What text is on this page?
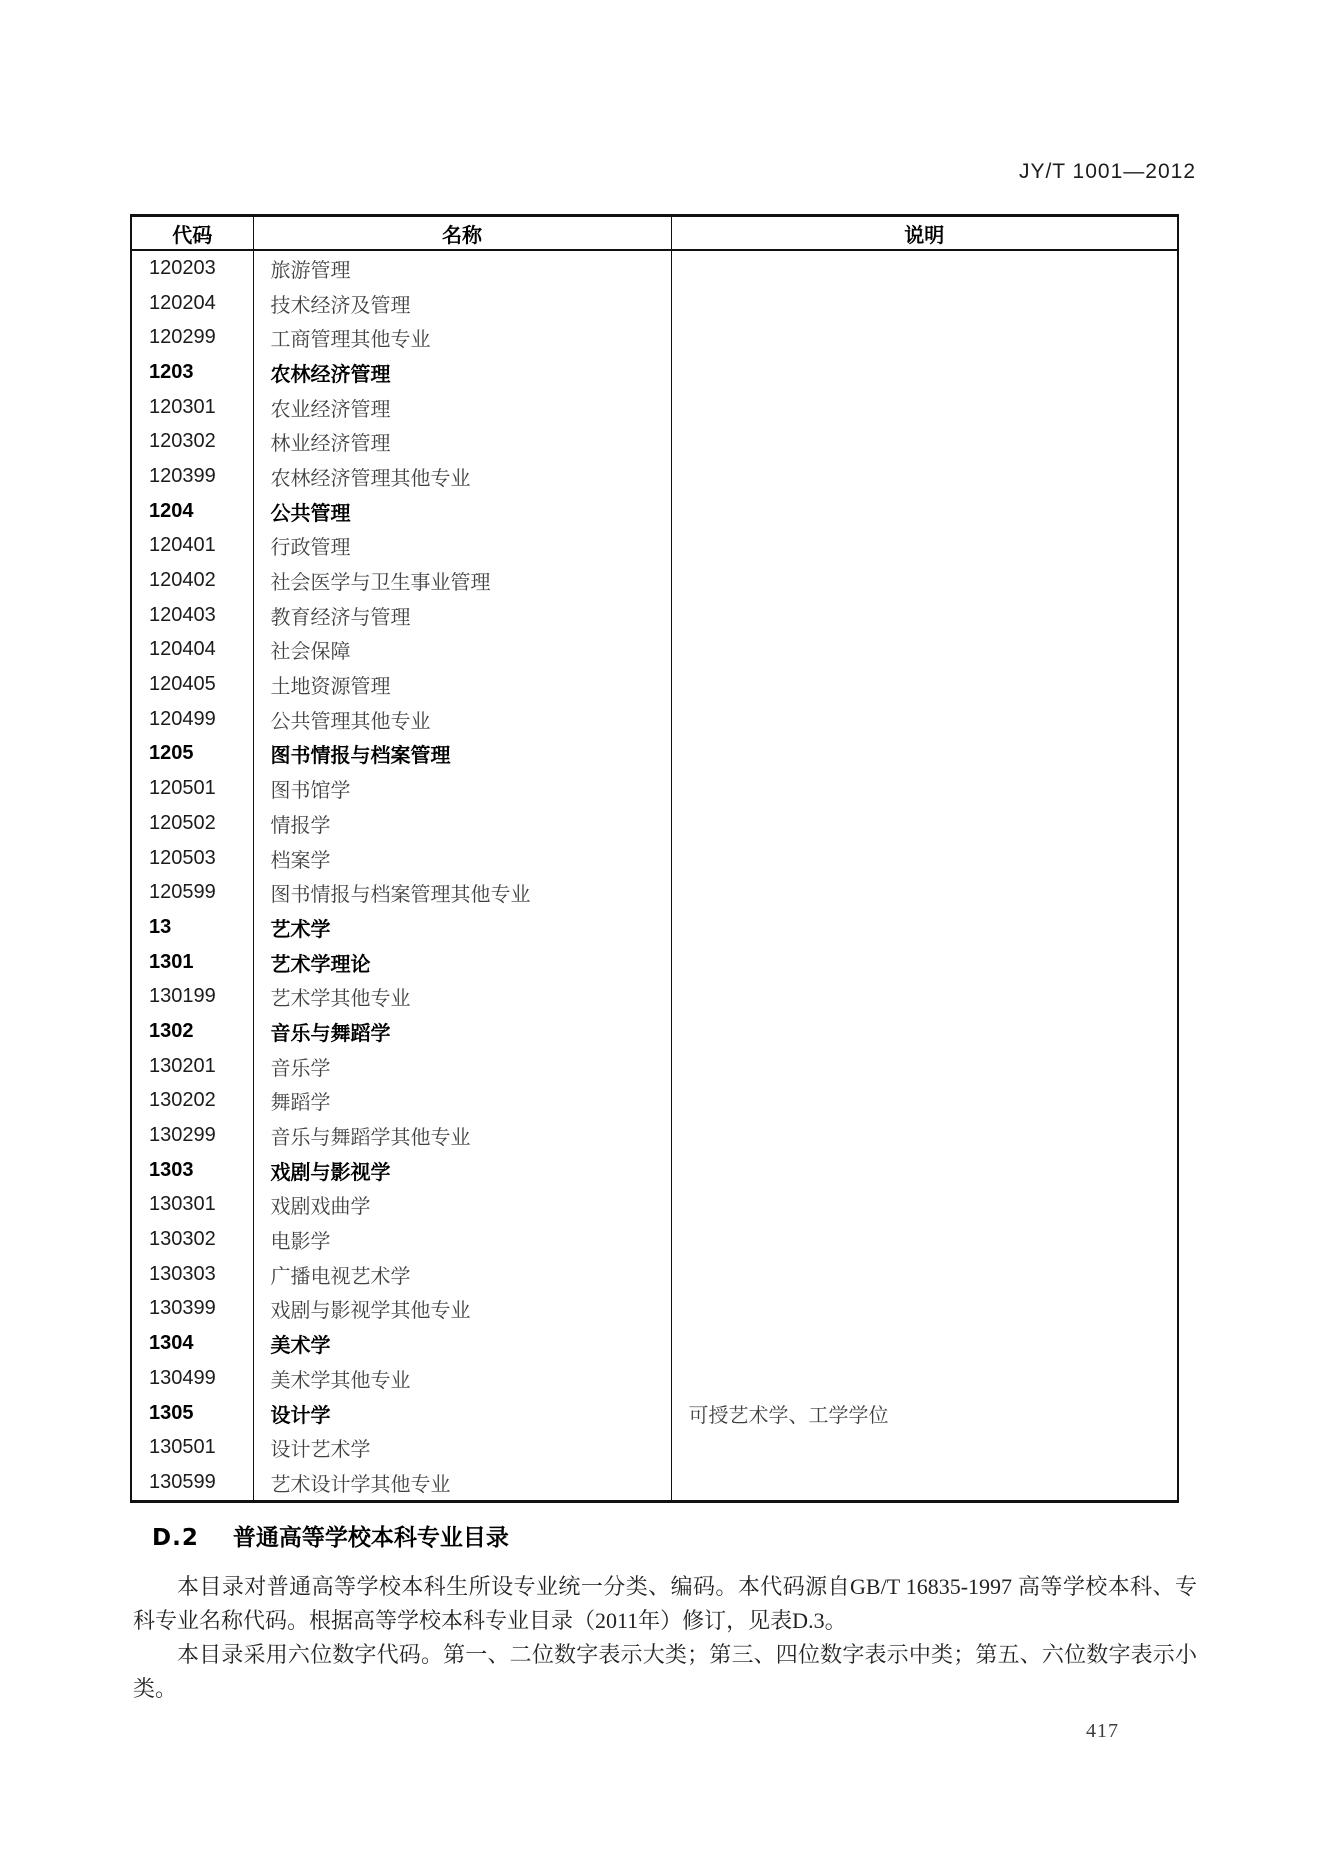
JY/T 1001—2012
代码	名称	说明
120203	旅游管理	
120204	技术经济及管理	
120299	工商管理其他专业	
1203	农林经济管理	
120301	农业经济管理	
120302	林业经济管理	
120399	农林经济管理其他专业	
1204	公共管理	
120401	行政管理	
120402	社会医学与卫生事业管理	
120403	教育经济与管理	
120404	社会保障	
120405	土地资源管理	
120499	公共管理其他专业	
1205	图书情报与档案管理	
120501	图书馆学	
120502	情报学	
120503	档案学	
120599	图书情报与档案管理其他专业	
13	艺术学	
1301	艺术学理论	
130199	艺术学其他专业	
1302	音乐与舞蹈学	
130201	音乐学	
130202	舞蹈学	
130299	音乐与舞蹈学其他专业	
1303	戏剧与影视学	
130301	戏剧戏曲学	
130302	电影学	
130303	广播电视艺术学	
130399	戏剧与影视学其他专业	
1304	美术学	
130499	美术学其他专业	
1305	设计学	可授艺术学、工学学位
130501	设计艺术学	
130599	艺术设计学其他专业	
D.2 普通高等学校本科专业目录

本目录对普通高等学校本科生所设专业统一分类、编码。本代码源自GB/T 16835-1997 高等学校本科、专科专业名称代码。根据高等学校本科专业目录（2011年）修订，见表D.3。

本目录采用六位数字代码。第一、二位数字表示大类；第三、四位数字表示中类；第五、六位数字表示小类。

417
